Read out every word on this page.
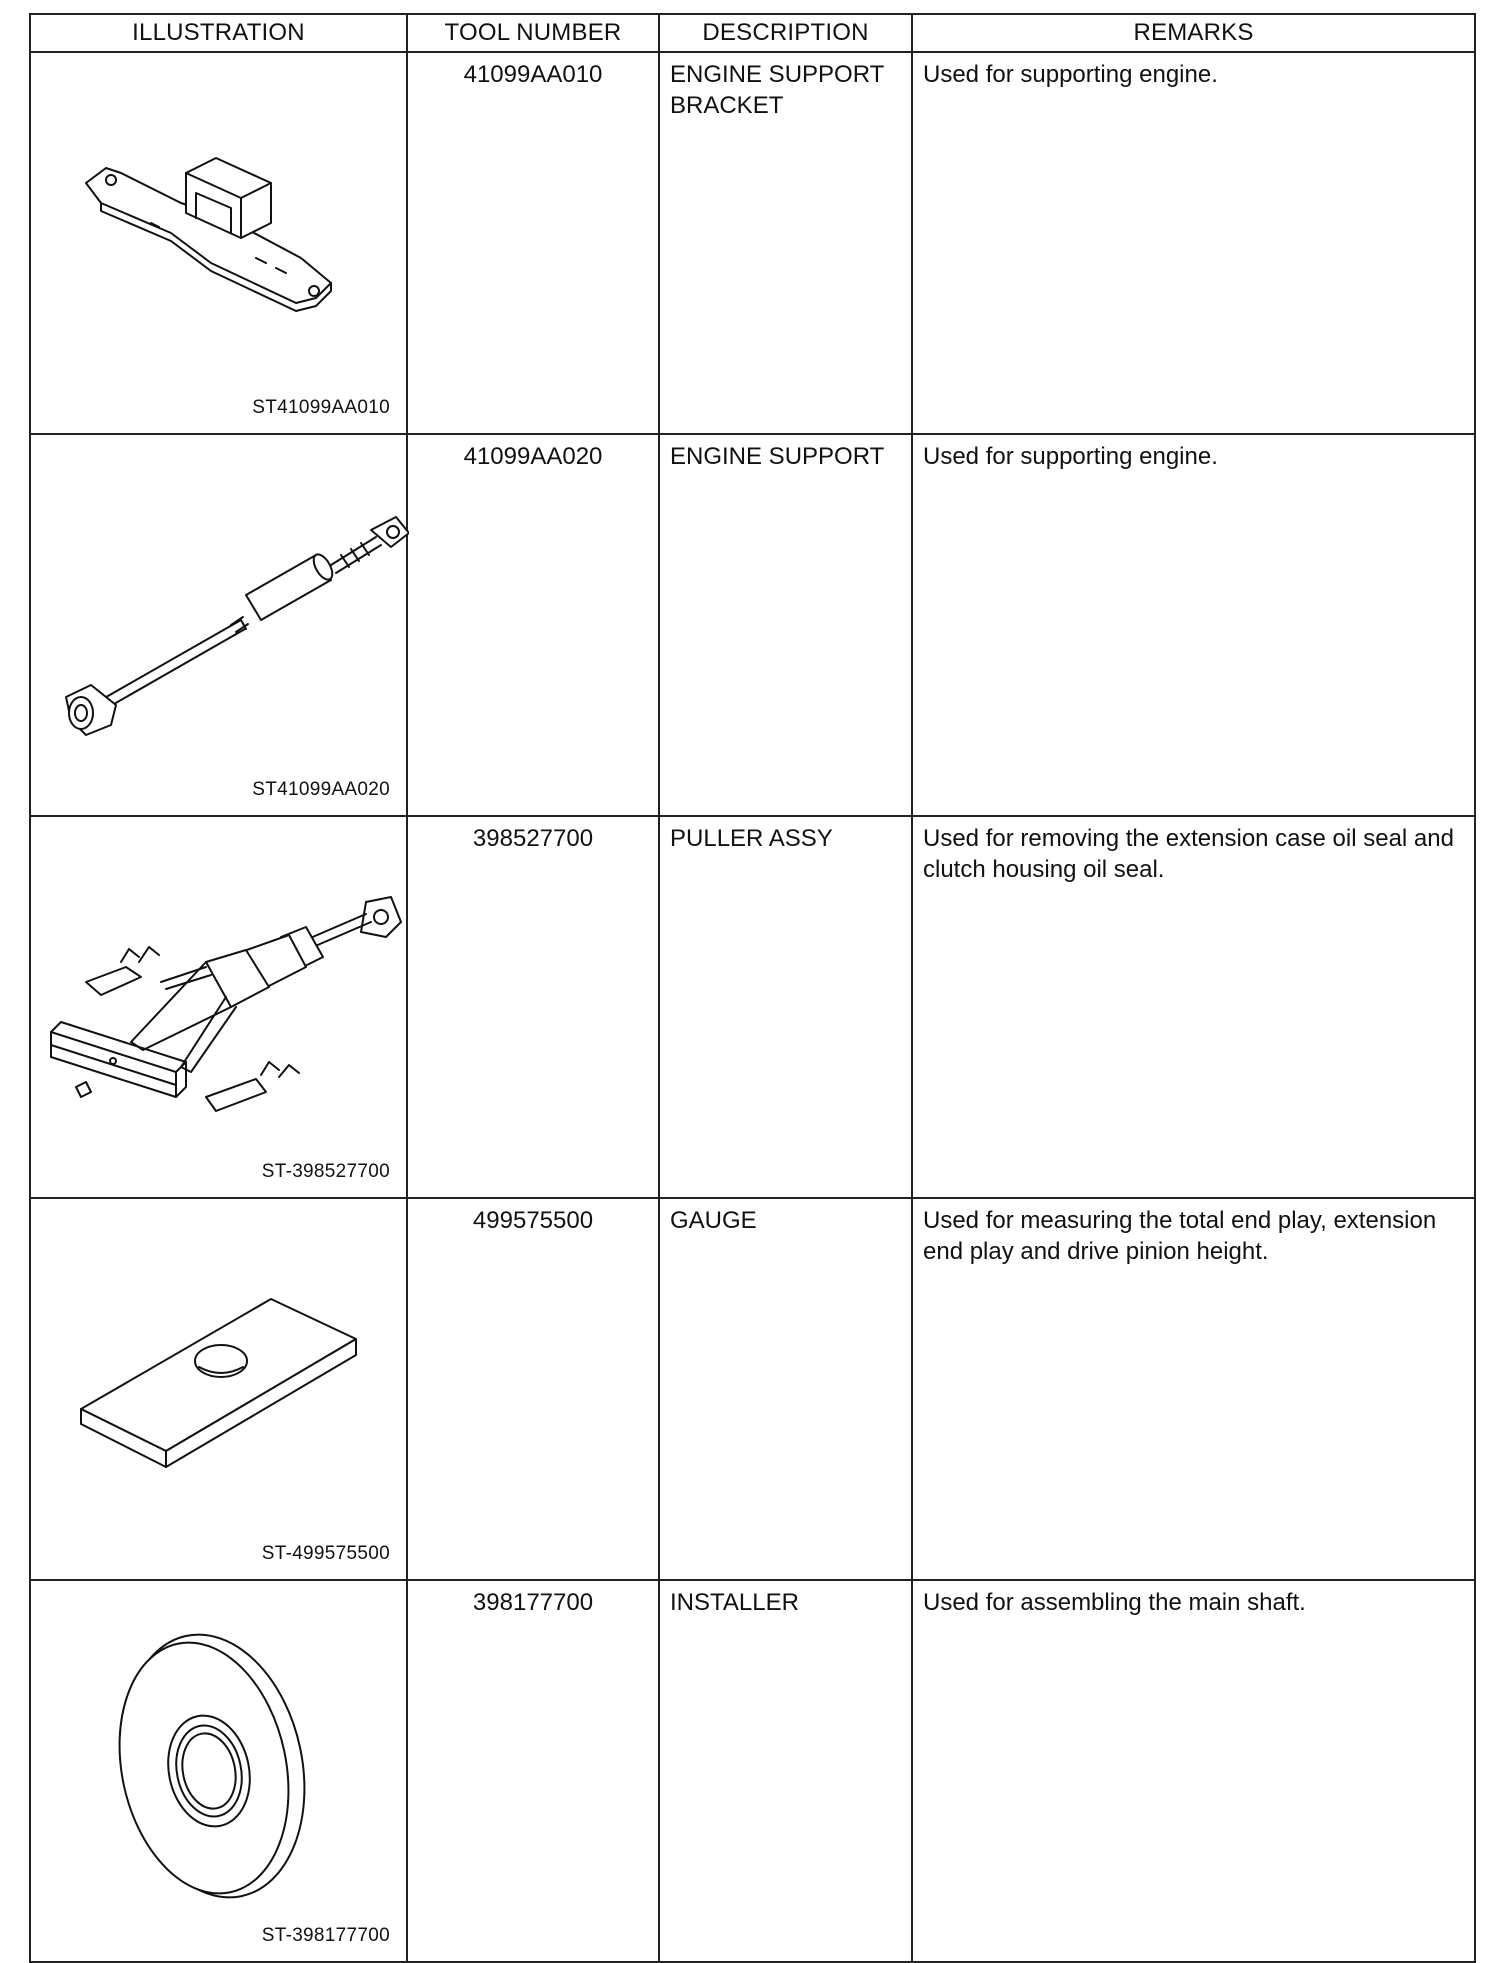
ILLUSTRATION	TOOL NUMBER	DESCRIPTION	REMARKS

ST41099AA010	41099AA010	ENGINE SUPPORT BRACKET	Used for supporting engine.

ST41099AA020	41099AA020	ENGINE SUPPORT	Used for supporting engine.

ST-398527700	398527700	PULLER ASSY	Used for removing the extension case oil seal and clutch housing oil seal.

ST-499575500	499575500	GAUGE	Used for measuring the total end play, extension end play and drive pinion height.

ST-398177700	398177700	INSTALLER	Used for assembling the main shaft.
